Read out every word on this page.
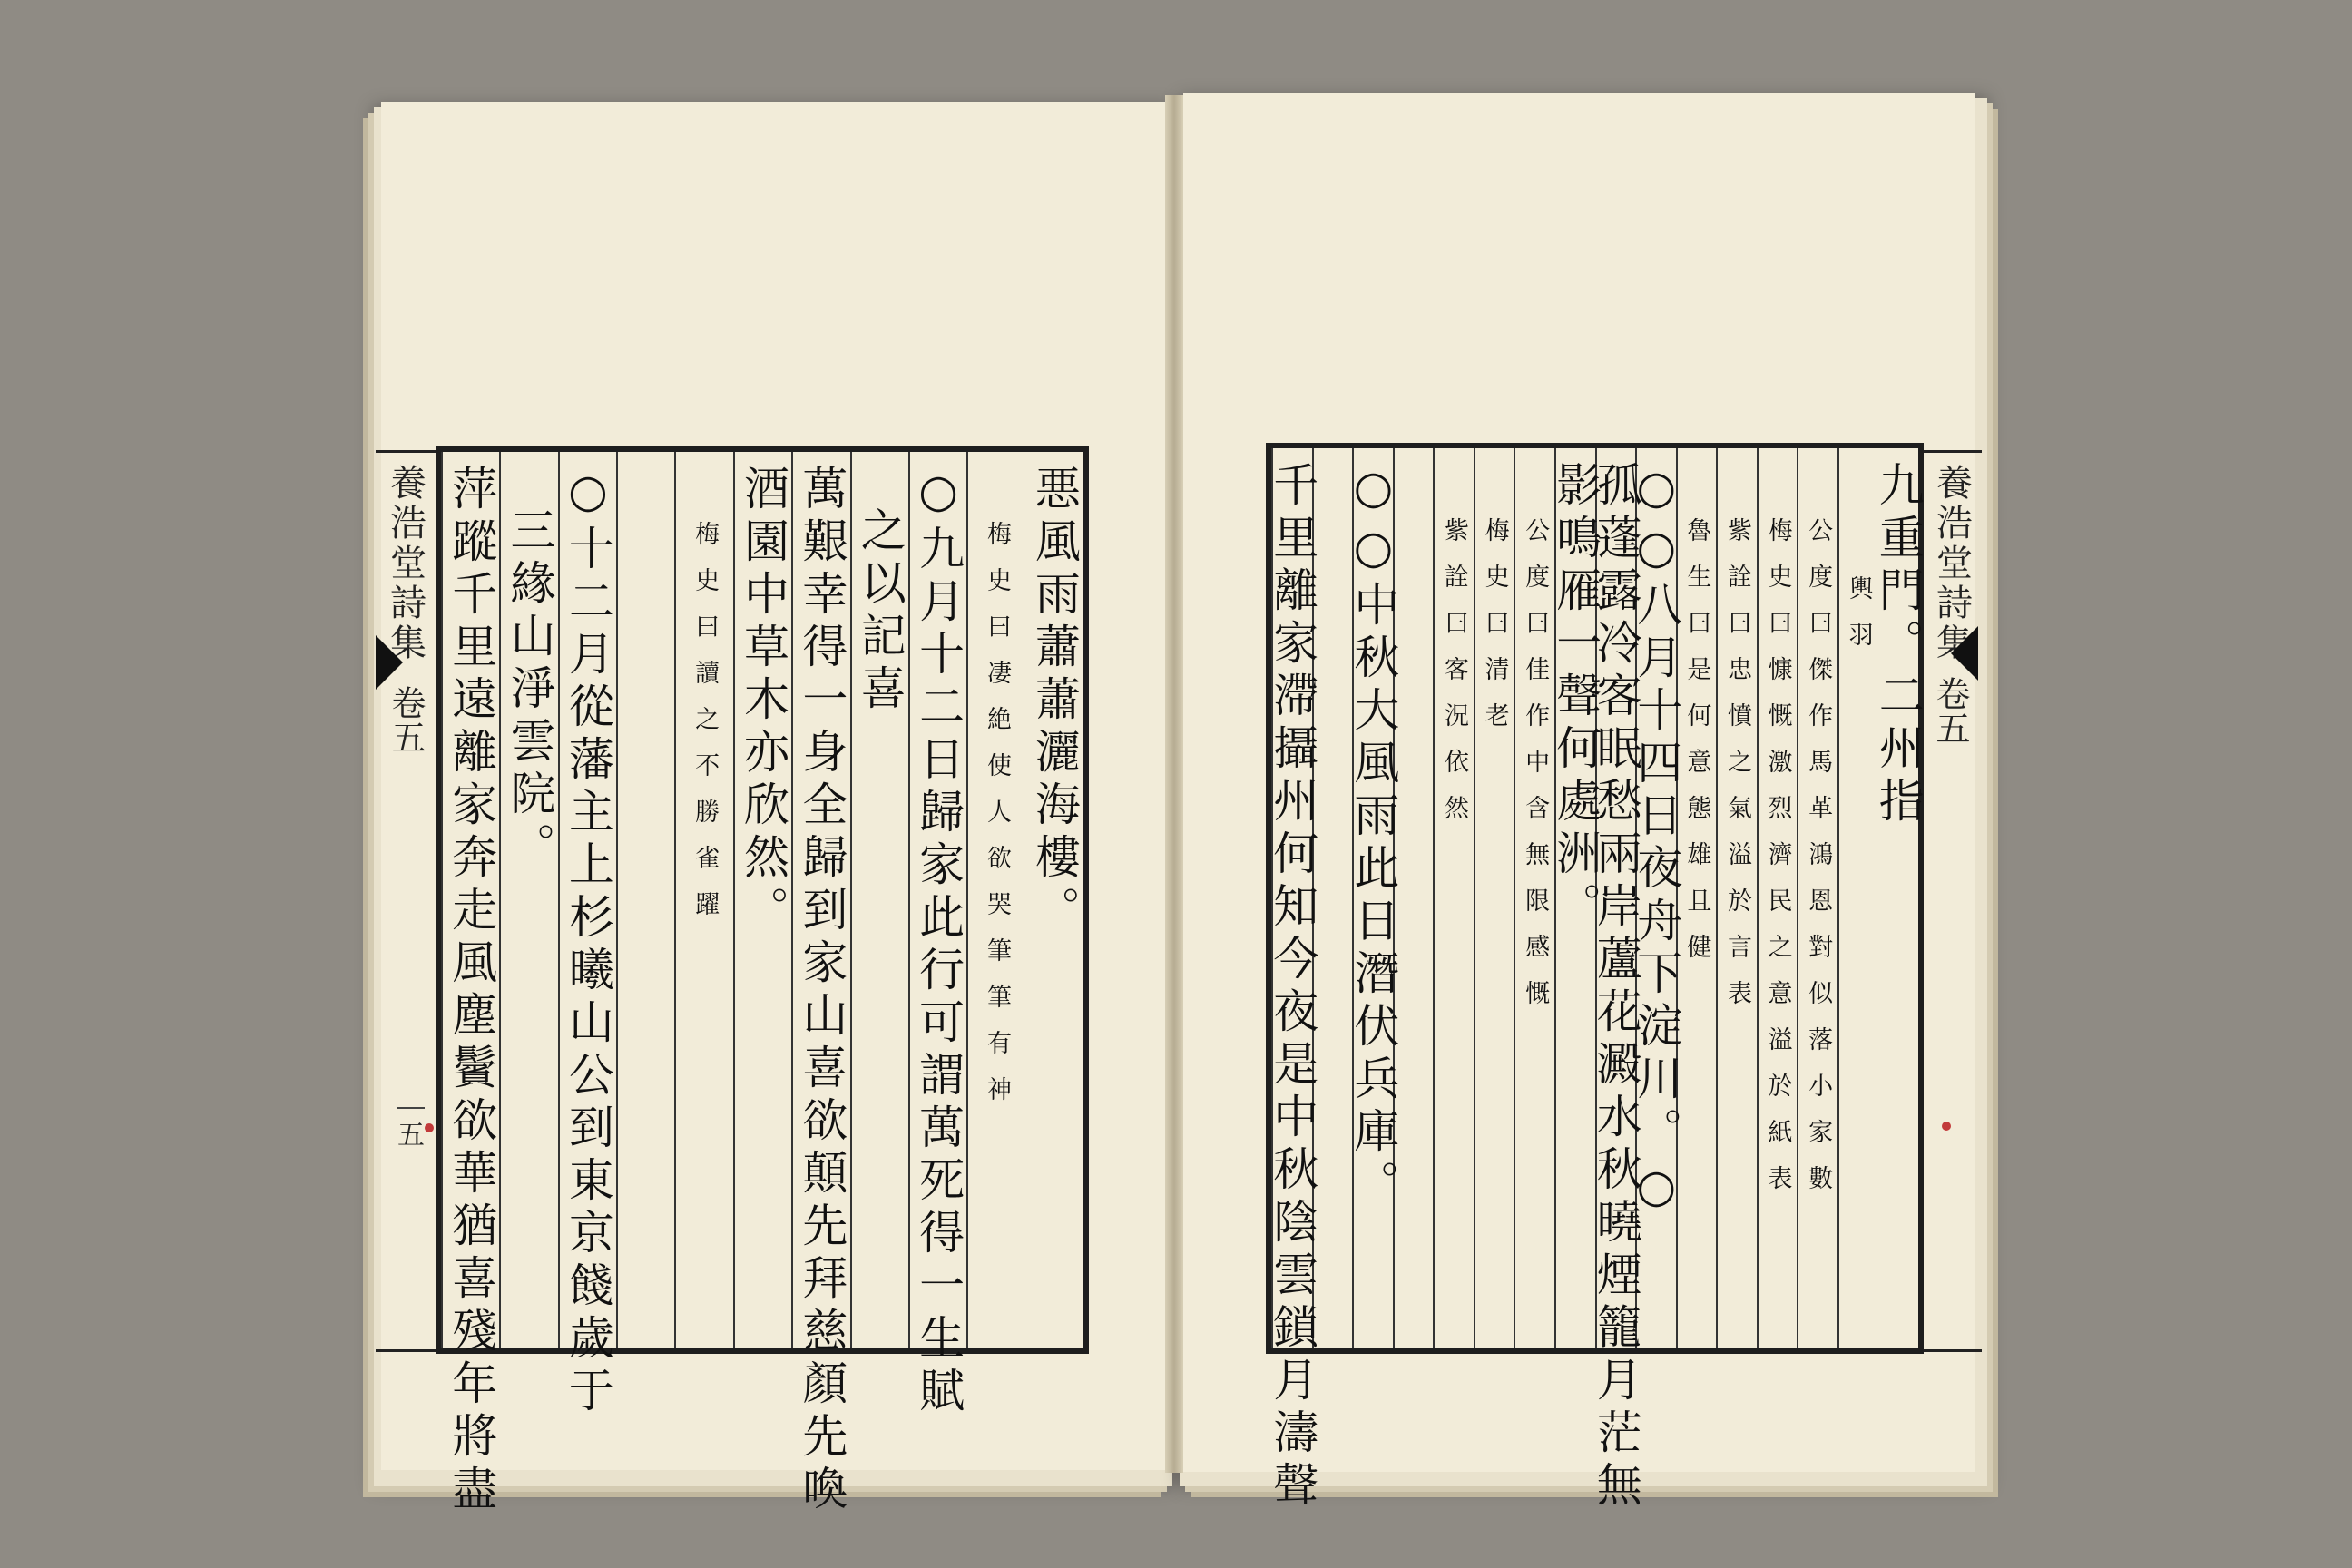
養浩堂詩集
卷五
五
養浩堂詩集
卷五
悪風雨蕭蕭灑海樓。
梅史曰凄絶使人欲哭筆筆有神
○九月十二日歸家此行可謂萬死得一生賦
之以記喜
萬艱幸得一身全歸到家山喜欲顛先拜慈顏先喚
酒園中草木亦欣然。
梅史曰讀之不勝雀躍
○十二月從藩主上杉曦山公到東京餞歲于
三緣山淨雲院。
萍蹤千里遠離家奔走風塵鬢欲華猶喜殘年將盡	九重門。二州指
輿羽
公度曰傑作馬革鴻恩對似落小家數
梅史曰慷慨激烈濟民之意溢於紙表
紫詮曰忠憤之氣溢於言表
魯生曰是何意態雄且健
○○八月十四日夜舟下淀川。○
孤蓬露冷客眠愁兩岸蘆花澱水秋曉煙籠月茫無
影鳴雁一聲何處洲。
公度曰佳作中含無限感慨
梅史曰清老
紫詮曰客況依然
○○中秋大風雨此日潛伏兵庫。
千里離家滯攝州何知今夜是中秋陰雲鎖月濤聲
